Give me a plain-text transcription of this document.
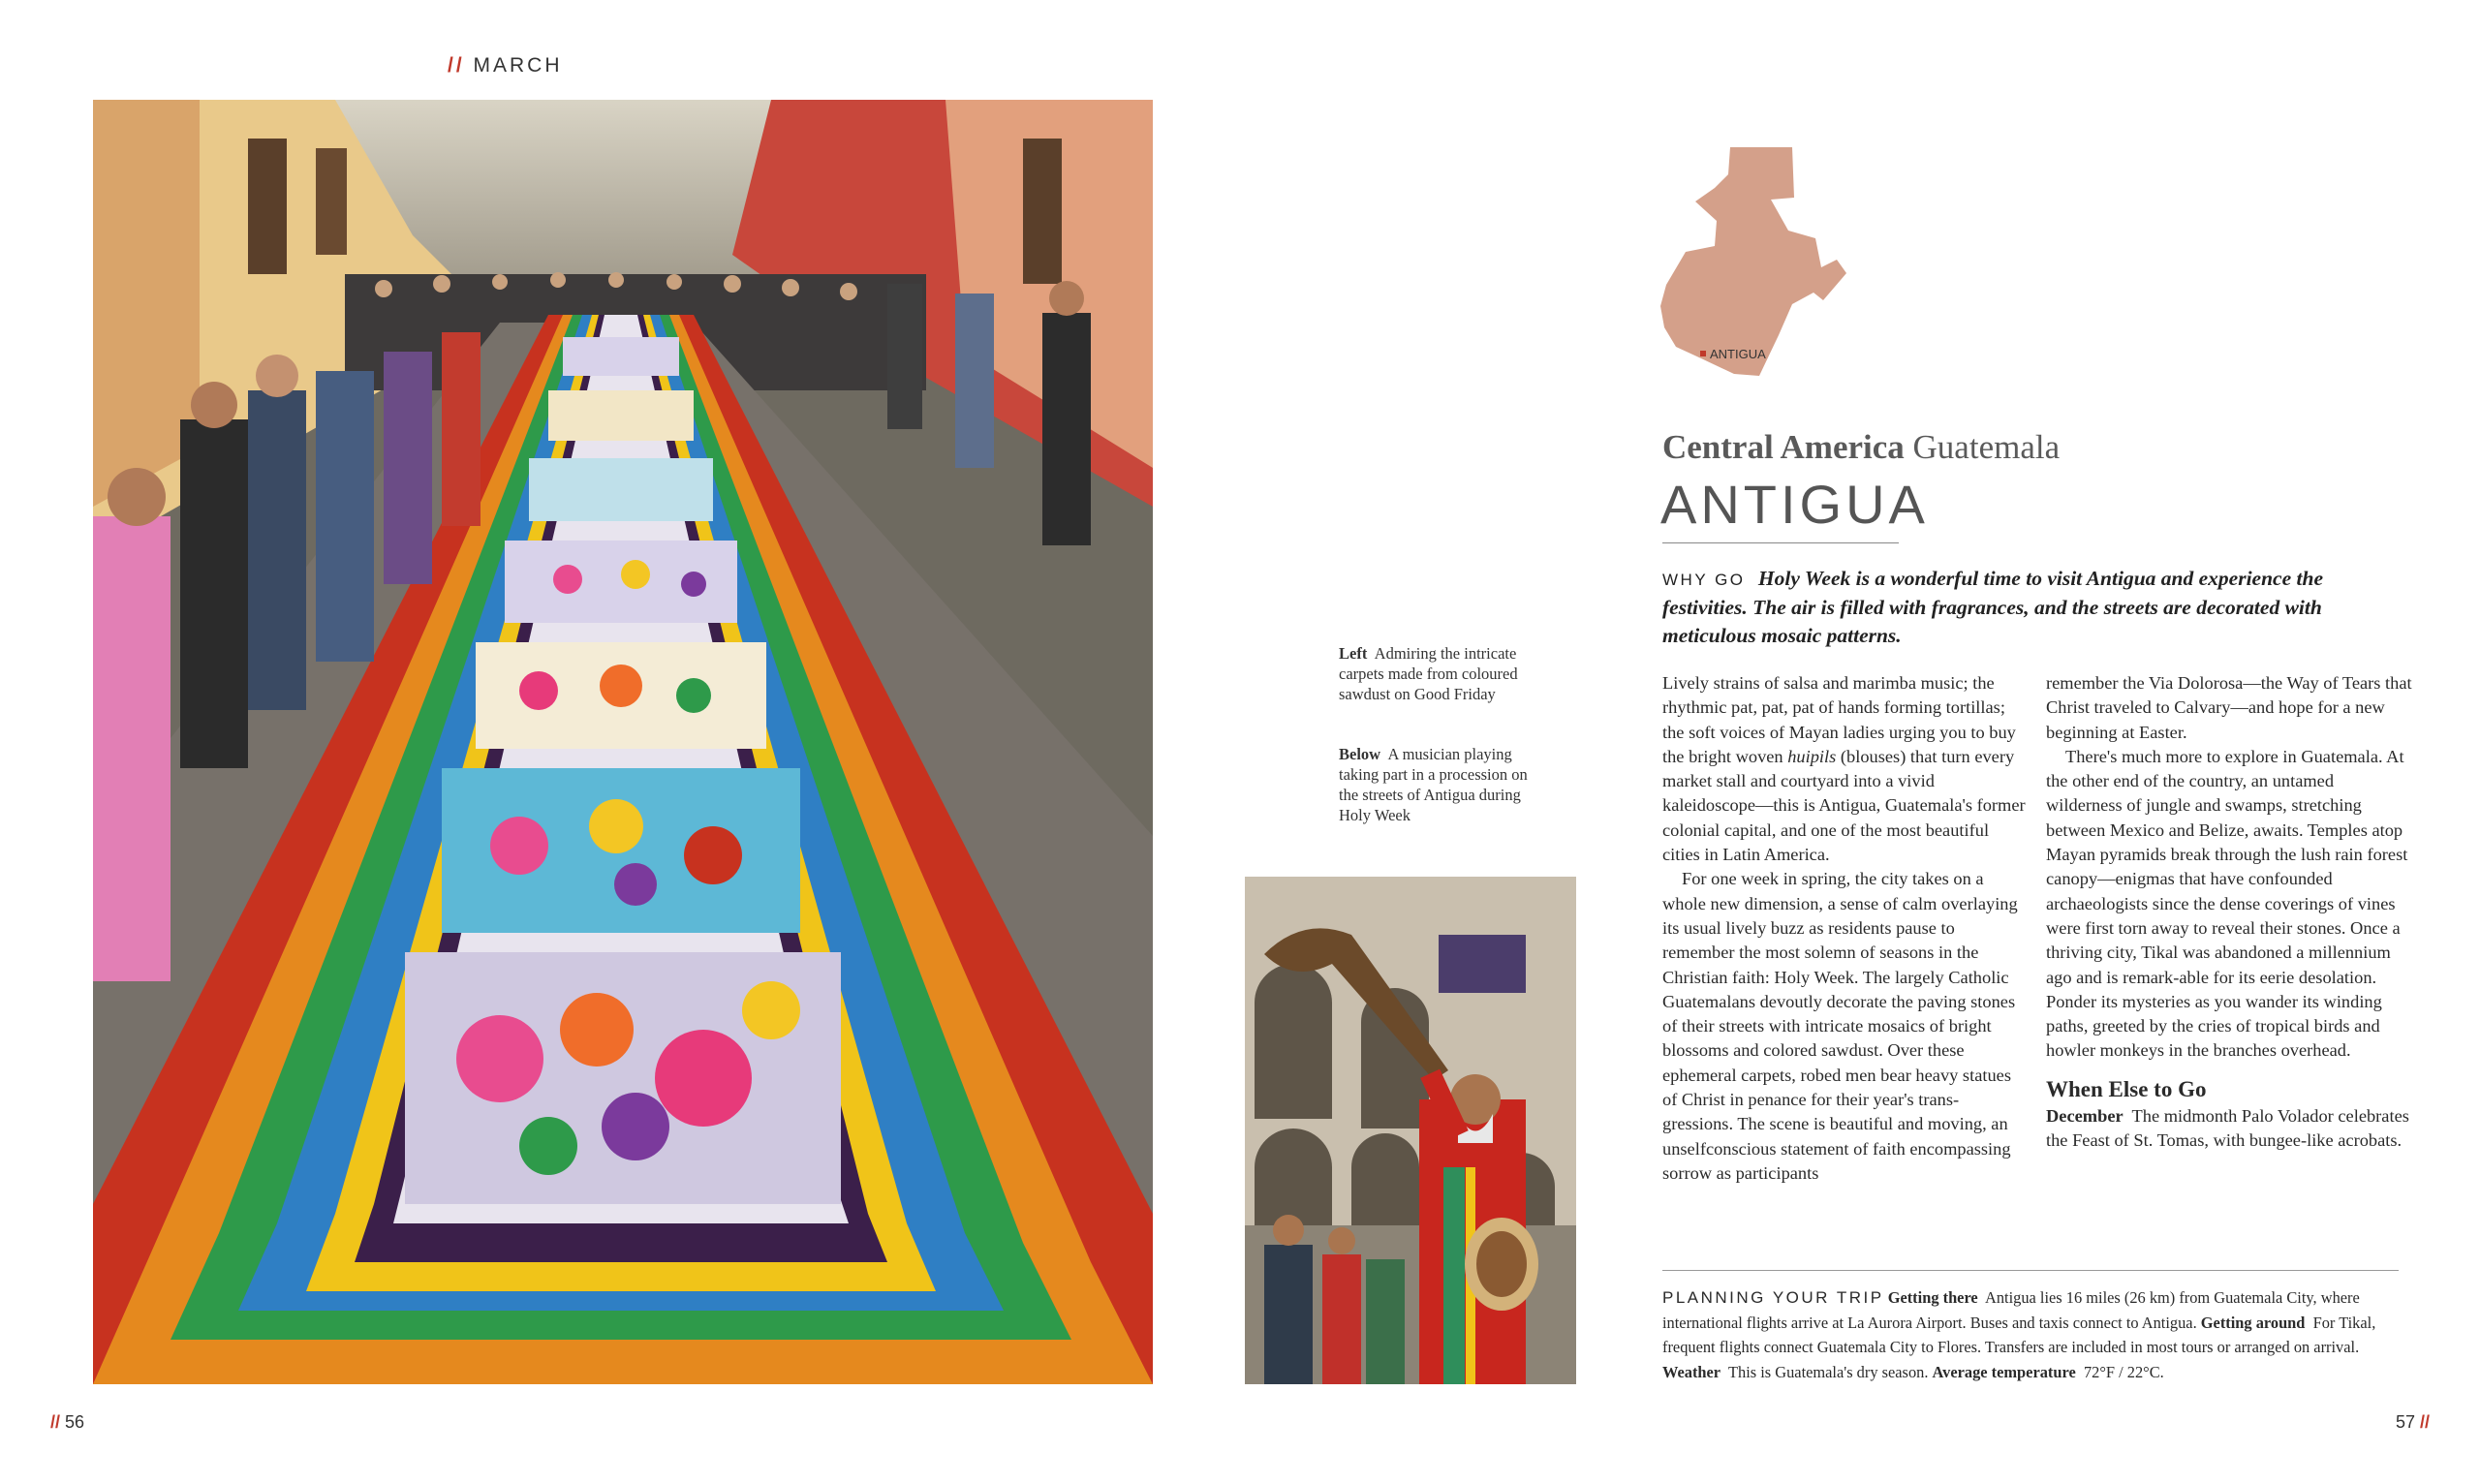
// MARCH
// 56	57 //
Left Admiring the intricate carpets made from coloured sawdust on Good Friday
Below A musician playing taking part in a procession on the streets of Antigua during Holy Week
ANTIGUA
Central America Guatemala
ANTIGUA
WHY GO Holy Week is a wonderful time to visit Antigua and experience the festivities. The air is filled with fragrances, and the streets are decorated with meticulous mosaic patterns.

Lively strains of salsa and marimba music; the rhythmic pat, pat, pat of hands forming tortillas; the soft voices of Mayan ladies urging you to buy the bright woven huipils (blouses) that turn every market stall and courtyard into a vivid kaleidoscope—this is Antigua, Guatemala's former colonial capital, and one of the most beautiful cities in Latin America.

For one week in spring, the city takes on a whole new dimension, a sense of calm overlaying its usual lively buzz as residents pause to remember the most solemn of seasons in the Christian faith: Holy Week. The largely Catholic Guatemalans devoutly decorate the paving stones of their streets with intricate mosaics of bright blossoms and colored sawdust. Over these ephemeral carpets, robed men bear heavy statues of Christ in penance for their year's trans-gressions. The scene is beautiful and moving, an unselfconscious statement of faith encompassing sorrow as participants

remember the Via Dolorosa—the Way of Tears that Christ traveled to Calvary—and hope for a new beginning at Easter.

There's much more to explore in Guatemala. At the other end of the country, an untamed wilderness of jungle and swamps, stretching between Mexico and Belize, awaits. Temples atop Mayan pyramids break through the lush rain forest canopy—enigmas that have confounded archaeologists since the dense coverings of vines were first torn away to reveal their stones. Once a thriving city, Tikal was abandoned a millennium ago and is remark-able for its eerie desolation. Ponder its mysteries as you wander its winding paths, greeted by the cries of tropical birds and howler monkeys in the branches overhead.

When Else to Go

December The midmonth Palo Volador celebrates the Feast of St. Tomas, with bungee-like acrobats.

PLANNING YOUR TRIP Getting there Antigua lies 16 miles (26 km) from Guatemala City, where international flights arrive at La Aurora Airport. Buses and taxis connect to Antigua. Getting around For Tikal, frequent flights connect Guatemala City to Flores. Transfers are included in most tours or arranged on arrival. Weather This is Guatemala's dry season. Average temperature 72°F / 22°C.
